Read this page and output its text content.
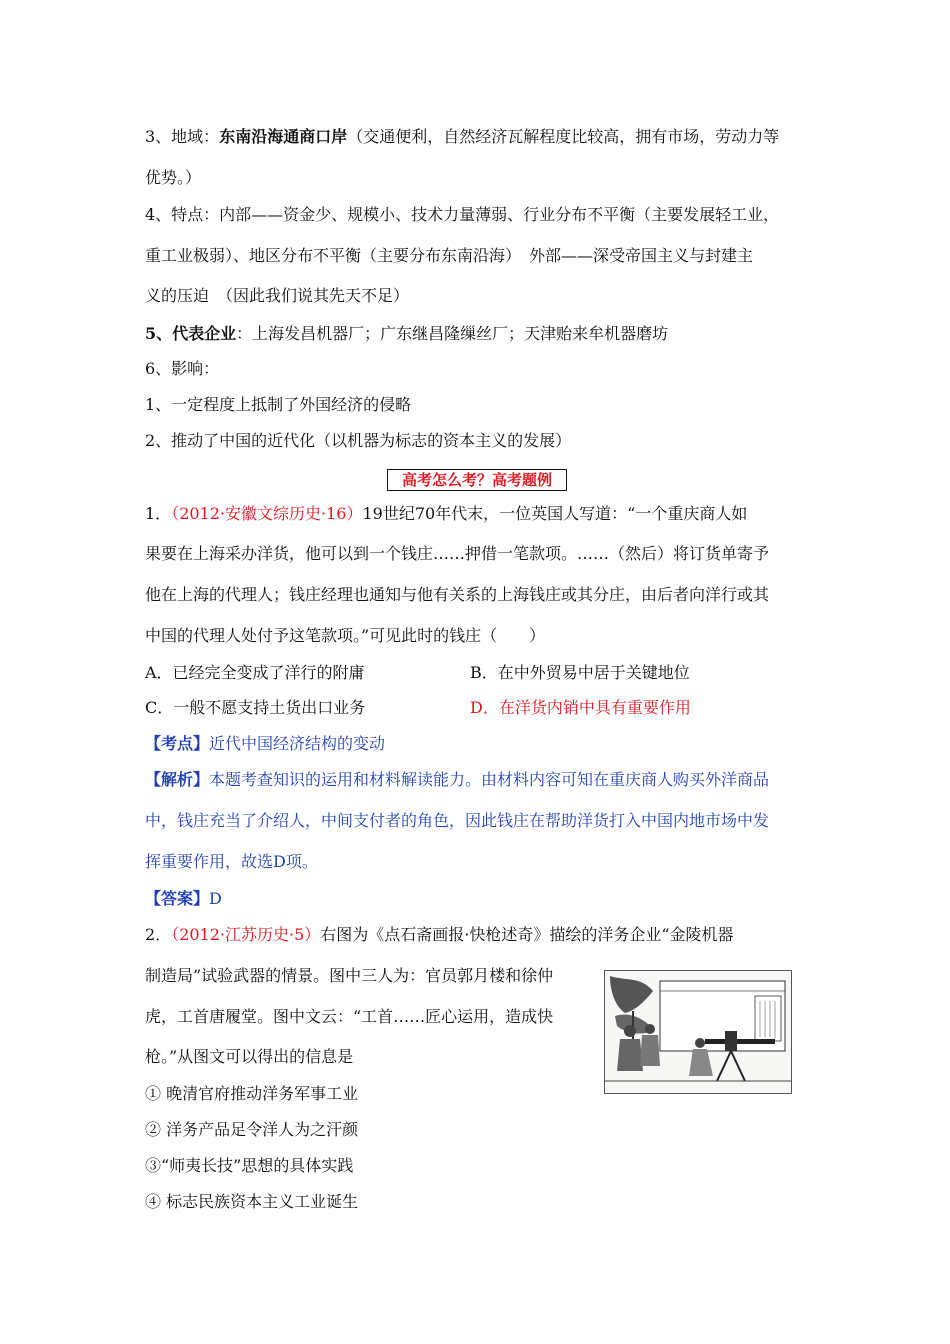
3、地域：东南沿海通商口岸（交通便利，自然经济瓦解程度比较高，拥有市场，劳动力等
优势。）
4、特点：内部——资金少、规模小、技术力量薄弱、行业分布不平衡（主要发展轻工业，
重工业极弱）、地区分布不平衡（主要分布东南沿海）　外部——深受帝国主义与封建主
义的压迫　（因此我们说其先天不足）
5、代表企业：上海发昌机器厂；广东继昌隆缫丝厂；天津贻来牟机器磨坊
6、影响：
1、一定程度上抵制了外国经济的侵略
2、推动了中国的近代化（以机器为标志的资本主义的发展）
高考怎么考？高考题例
1．（2012·安徽文综历史·16）19世纪70年代末，一位英国人写道：“一个重庆商人如
果要在上海采办洋货，他可以到一个钱庄……押借一笔款项。……（然后）将订货单寄予
他在上海的代理人；钱庄经理也通知与他有关系的上海钱庄或其分庄，由后者向洋行或其
中国的代理人处付予这笔款项。”可见此时的钱庄（　　）
A．已经完全变成了洋行的附庸	B．在中外贸易中居于关键地位
C．一般不愿支持土货出口业务	D．在洋货内销中具有重要作用
【考点】近代中国经济结构的变动
【解析】本题考查知识的运用和材料解读能力。由材料内容可知在重庆商人购买外洋商品
中，钱庄充当了介绍人，中间支付者的角色，因此钱庄在帮助洋货打入中国内地市场中发
挥重要作用，故选D项。
【答案】D
2．（2012·江苏历史·5）右图为《点石斋画报·快枪述奇》描绘的洋务企业“金陵机器
制造局”试验武器的情景。图中三人为：官员郭月楼和徐仲
虎，工首唐履堂。图中文云：“工首……匠心运用，造成快
枪。”从图文可以得出的信息是
① 晚清官府推动洋务军事工业
② 洋务产品足令洋人为之汗颜
③“师夷长技”思想的具体实践
④ 标志民族资本主义工业诞生
